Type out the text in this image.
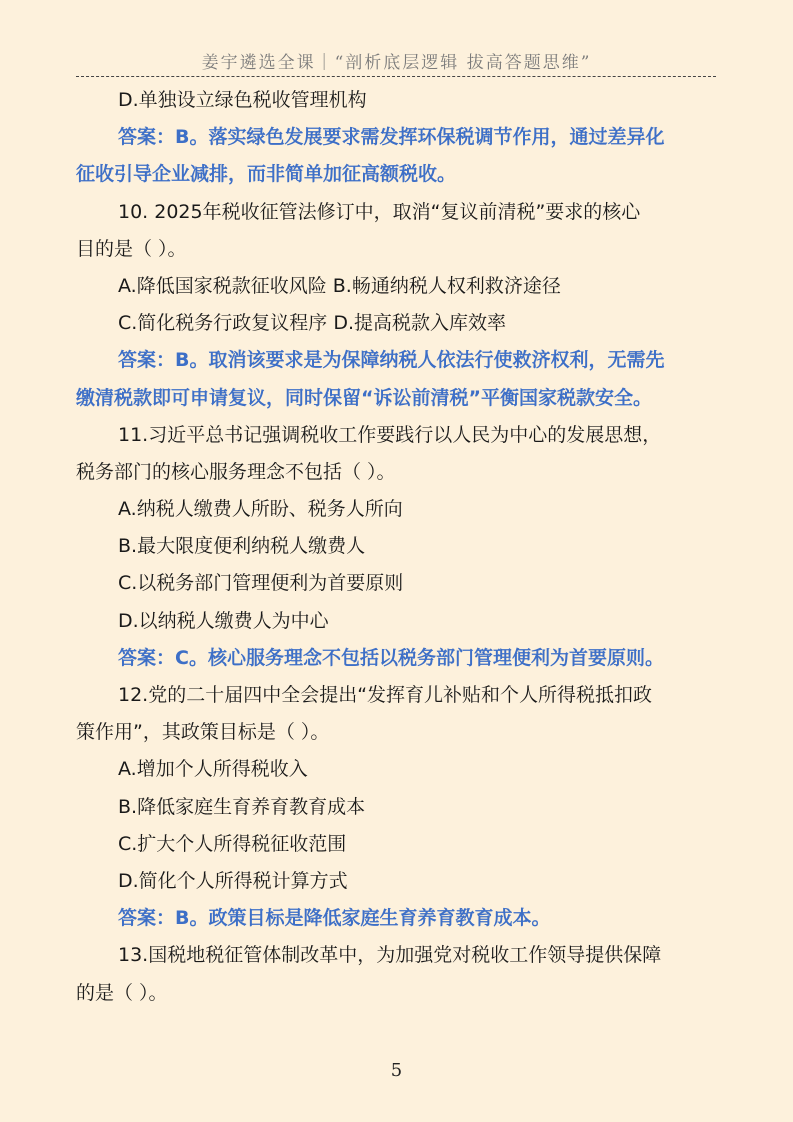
姜宇遴选全课｜“剖析底层逻辑 拔高答题思维”
D.单独设立绿色税收管理机构
答案：B。落实绿色发展要求需发挥环保税调节作用，通过差异化
征收引导企业减排，而非简单加征高额税收。
10. 2025年税收征管法修订中，取消“复议前清税”要求的核心
目的是（ ）。
A.降低国家税款征收风险 B.畅通纳税人权利救济途径
C.简化税务行政复议程序 D.提高税款入库效率
答案：B。取消该要求是为保障纳税人依法行使救济权利，无需先
缴清税款即可申请复议，同时保留“诉讼前清税”平衡国家税款安全。
11.习近平总书记强调税收工作要践行以人民为中心的发展思想，
税务部门的核心服务理念不包括（ ）。
A.纳税人缴费人所盼、税务人所向
B.最大限度便利纳税人缴费人
C.以税务部门管理便利为首要原则
D.以纳税人缴费人为中心
答案：C。核心服务理念不包括以税务部门管理便利为首要原则。
12.党的二十届四中全会提出“发挥育儿补贴和个人所得税抵扣政
策作用”，其政策目标是（ ）。
A.增加个人所得税收入
B.降低家庭生育养育教育成本
C.扩大个人所得税征收范围
D.简化个人所得税计算方式
答案：B。政策目标是降低家庭生育养育教育成本。
13.国税地税征管体制改革中，为加强党对税收工作领导提供保障
的是（ ）。
5
